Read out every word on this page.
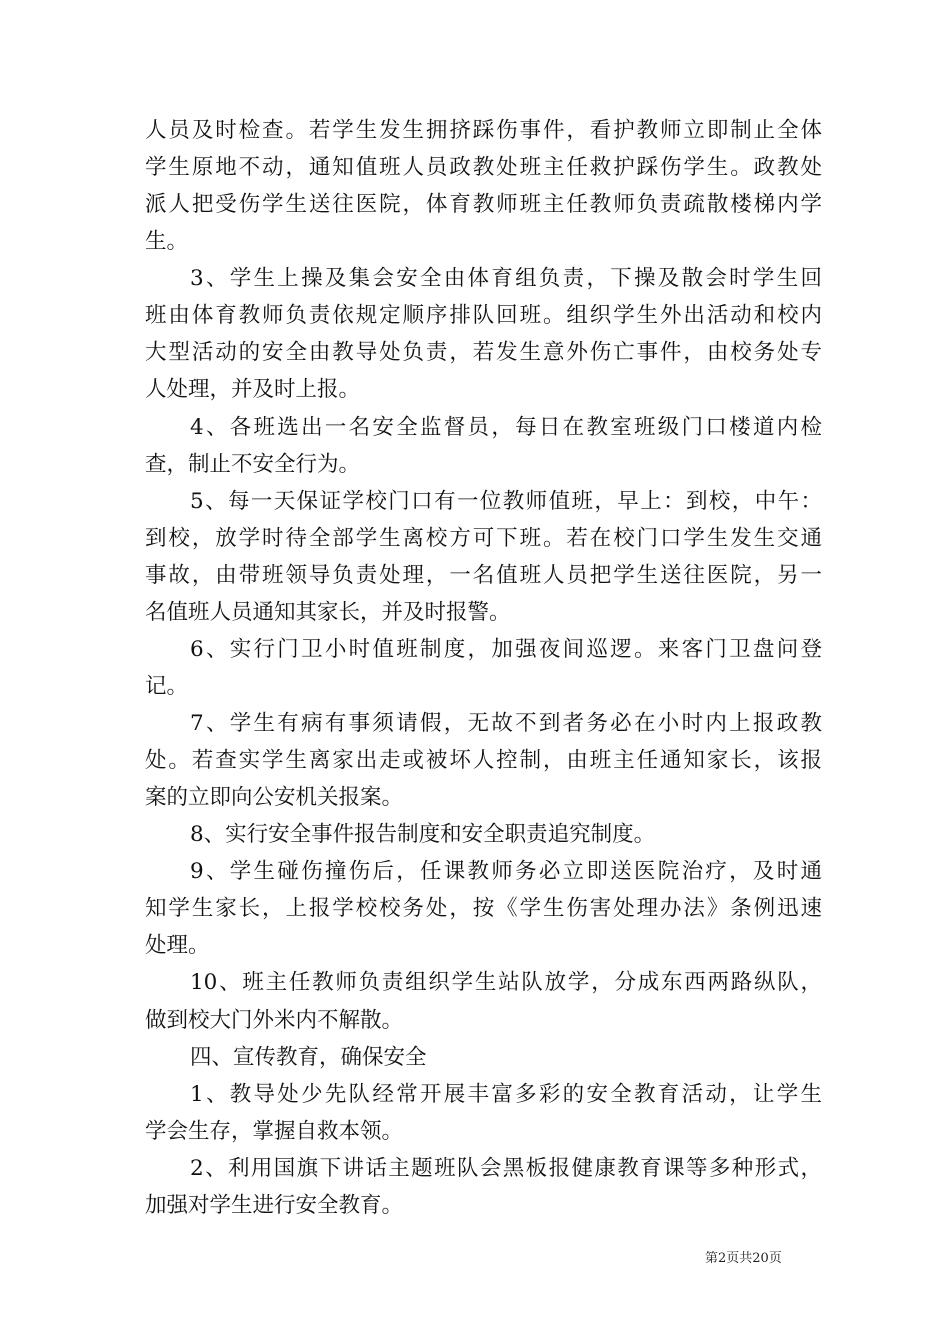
人员及时检查。若学生发生拥挤踩伤事件，看护教师立即制止全体
学生原地不动，通知值班人员政教处班主任救护踩伤学生。政教处
派人把受伤学生送往医院，体育教师班主任教师负责疏散楼梯内学
生。
3、学生上操及集会安全由体育组负责，下操及散会时学生回
班由体育教师负责依规定顺序排队回班。组织学生外出活动和校内
大型活动的安全由教导处负责，若发生意外伤亡事件，由校务处专
人处理，并及时上报。
4、各班选出一名安全监督员，每日在教室班级门口楼道内检
查，制止不安全行为。
5、每一天保证学校门口有一位教师值班，早上：到校，中午：
到校，放学时待全部学生离校方可下班。若在校门口学生发生交通
事故，由带班领导负责处理，一名值班人员把学生送往医院，另一
名值班人员通知其家长，并及时报警。
6、实行门卫小时值班制度，加强夜间巡逻。来客门卫盘问登
记。
7、学生有病有事须请假，无故不到者务必在小时内上报政教
处。若查实学生离家出走或被坏人控制，由班主任通知家长，该报
案的立即向公安机关报案。
8、实行安全事件报告制度和安全职责追究制度。
9、学生碰伤撞伤后，任课教师务必立即送医院治疗，及时通
知学生家长，上报学校校务处，按《学生伤害处理办法》条例迅速
处理。
10、班主任教师负责组织学生站队放学，分成东西两路纵队，
做到校大门外米内不解散。
四、宣传教育，确保安全
1、教导处少先队经常开展丰富多彩的安全教育活动，让学生
学会生存，掌握自救本领。
2、利用国旗下讲话主题班队会黑板报健康教育课等多种形式，
加强对学生进行安全教育。
第2页共20页
